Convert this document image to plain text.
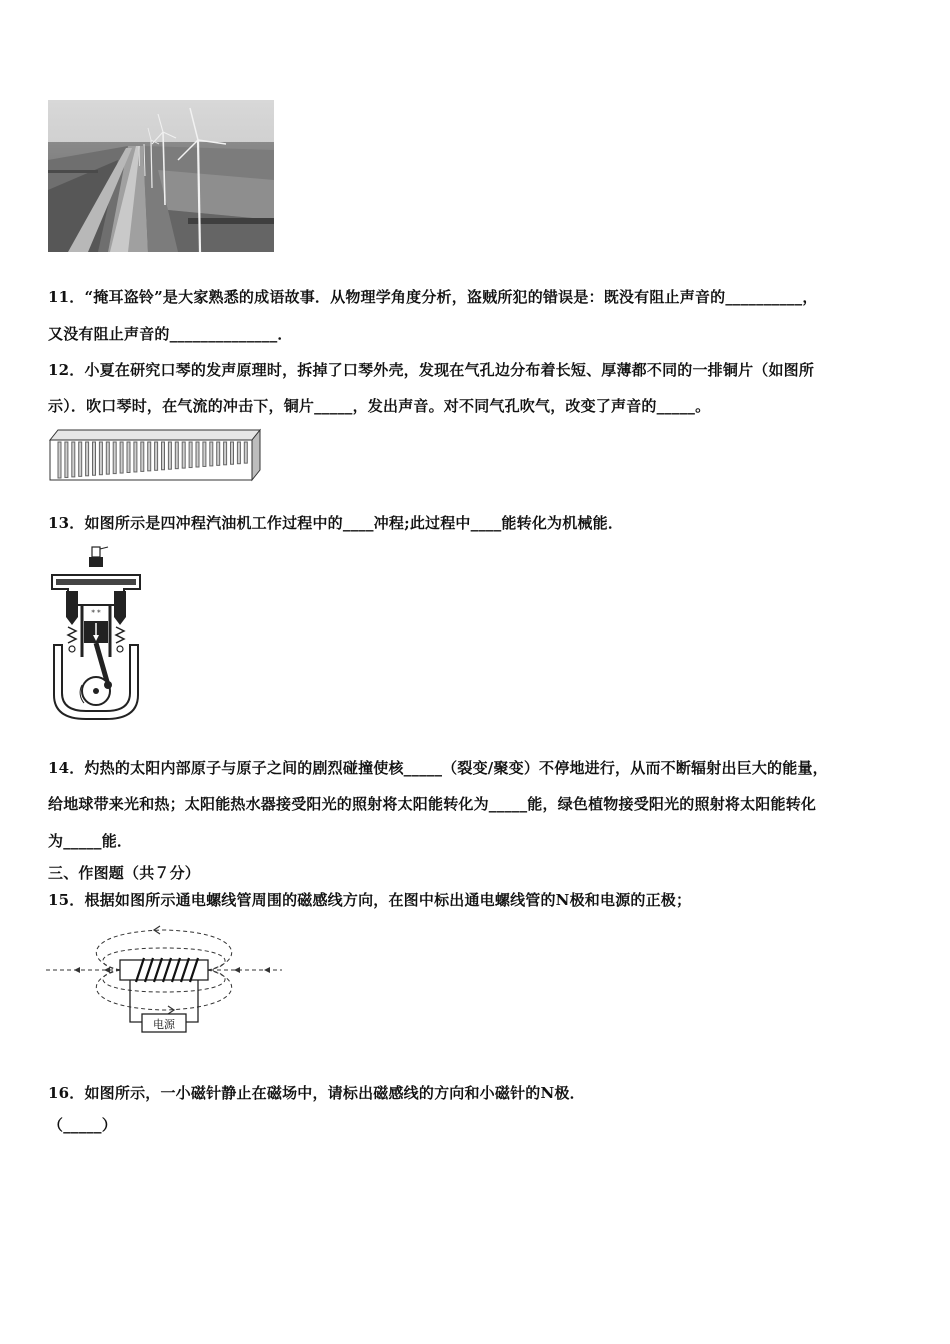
11．“掩耳盗铃”是大家熟悉的成语故事．从物理学角度分析，盗贼所犯的错误是：既没有阻止声音的__________，
又没有阻止声音的______________．
12．小夏在研究口琴的发声原理时，拆掉了口琴外壳，发现在气孔边分布着长短、厚薄都不同的一排铜片（如图所
示）．吹口琴时，在气流的冲击下，铜片_____，发出声音。对不同气孔吹气，改变了声音的_____。
13．如图所示是四冲程汽油机工作过程中的____冲程;此过程中____能转化为机械能．
* *
14．灼热的太阳内部原子与原子之间的剧烈碰撞使核_____（裂变/聚变）不停地进行，从而不断辐射出巨大的能量，
给地球带来光和热；太阳能热水器接受阳光的照射将太阳能转化为_____能，绿色植物接受阳光的照射将太阳能转化
为_____能．
三、作图题（共７分）
15．根据如图所示通电螺线管周围的磁感线方向，在图中标出通电螺线管的N极和电源的正极；
电源
16．如图所示，一小磁针静止在磁场中，请标出磁感线的方向和小磁针的N极．
（_____）
